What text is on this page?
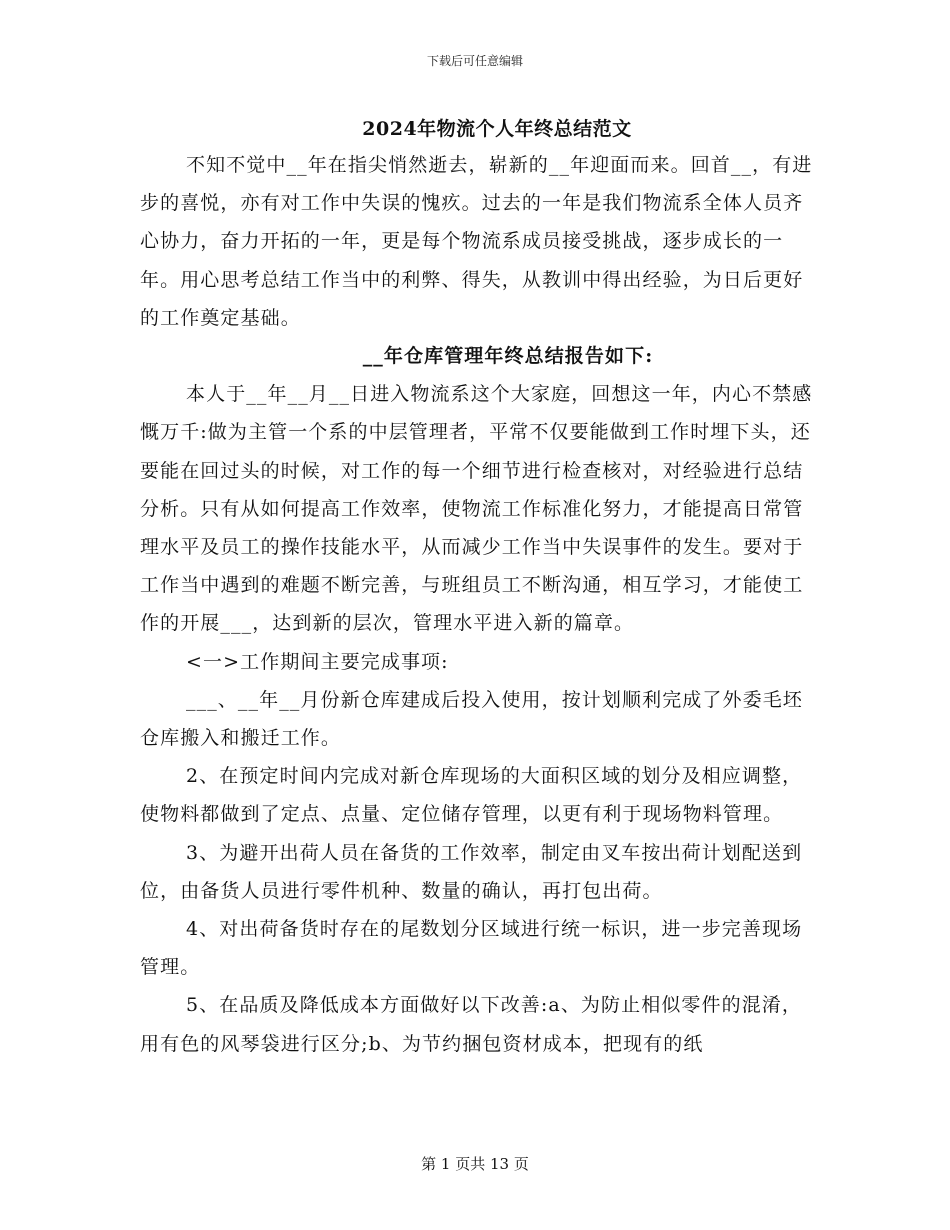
下载后可任意编辑
2024年物流个人年终总结范文

不知不觉中__年在指尖悄然逝去，崭新的__年迎面而来。回首__，有进步的喜悦，亦有对工作中失误的愧疚。过去的一年是我们物流系全体人员齐心协力，奋力开拓的一年，更是每个物流系成员接受挑战，逐步成长的一年。用心思考总结工作当中的利弊、得失，从教训中得出经验，为日后更好的工作奠定基础。

__年仓库管理年终总结报告如下:

本人于__年__月__日进入物流系这个大家庭，回想这一年，内心不禁感慨万千:做为主管一个系的中层管理者，平常不仅要能做到工作时埋下头，还要能在回过头的时候，对工作的每一个细节进行检查核对，对经验进行总结分析。只有从如何提高工作效率，使物流工作标准化努力，才能提高日常管理水平及员工的操作技能水平，从而减少工作当中失误事件的发生。要对于工作当中遇到的难题不断完善，与班组员工不断沟通，相互学习，才能使工作的开展___，达到新的层次，管理水平进入新的篇章。

<一>工作期间主要完成事项:

___、__年__月份新仓库建成后投入使用，按计划顺利完成了外委毛坯仓库搬入和搬迁工作。

2、在预定时间内完成对新仓库现场的大面积区域的划分及相应调整，使物料都做到了定点、点量、定位储存管理，以更有利于现场物料管理。

3、为避开出荷人员在备货的工作效率，制定由叉车按出荷计划配送到位，由备货人员进行零件机种、数量的确认，再打包出荷。

4、对出荷备货时存在的尾数划分区域进行统一标识，进一步完善现场管理。

5、在品质及降低成本方面做好以下改善:a、为防止相似零件的混淆，用有色的风琴袋进行区分;b、为节约捆包资材成本，把现有的纸

第 1 页共 13 页
